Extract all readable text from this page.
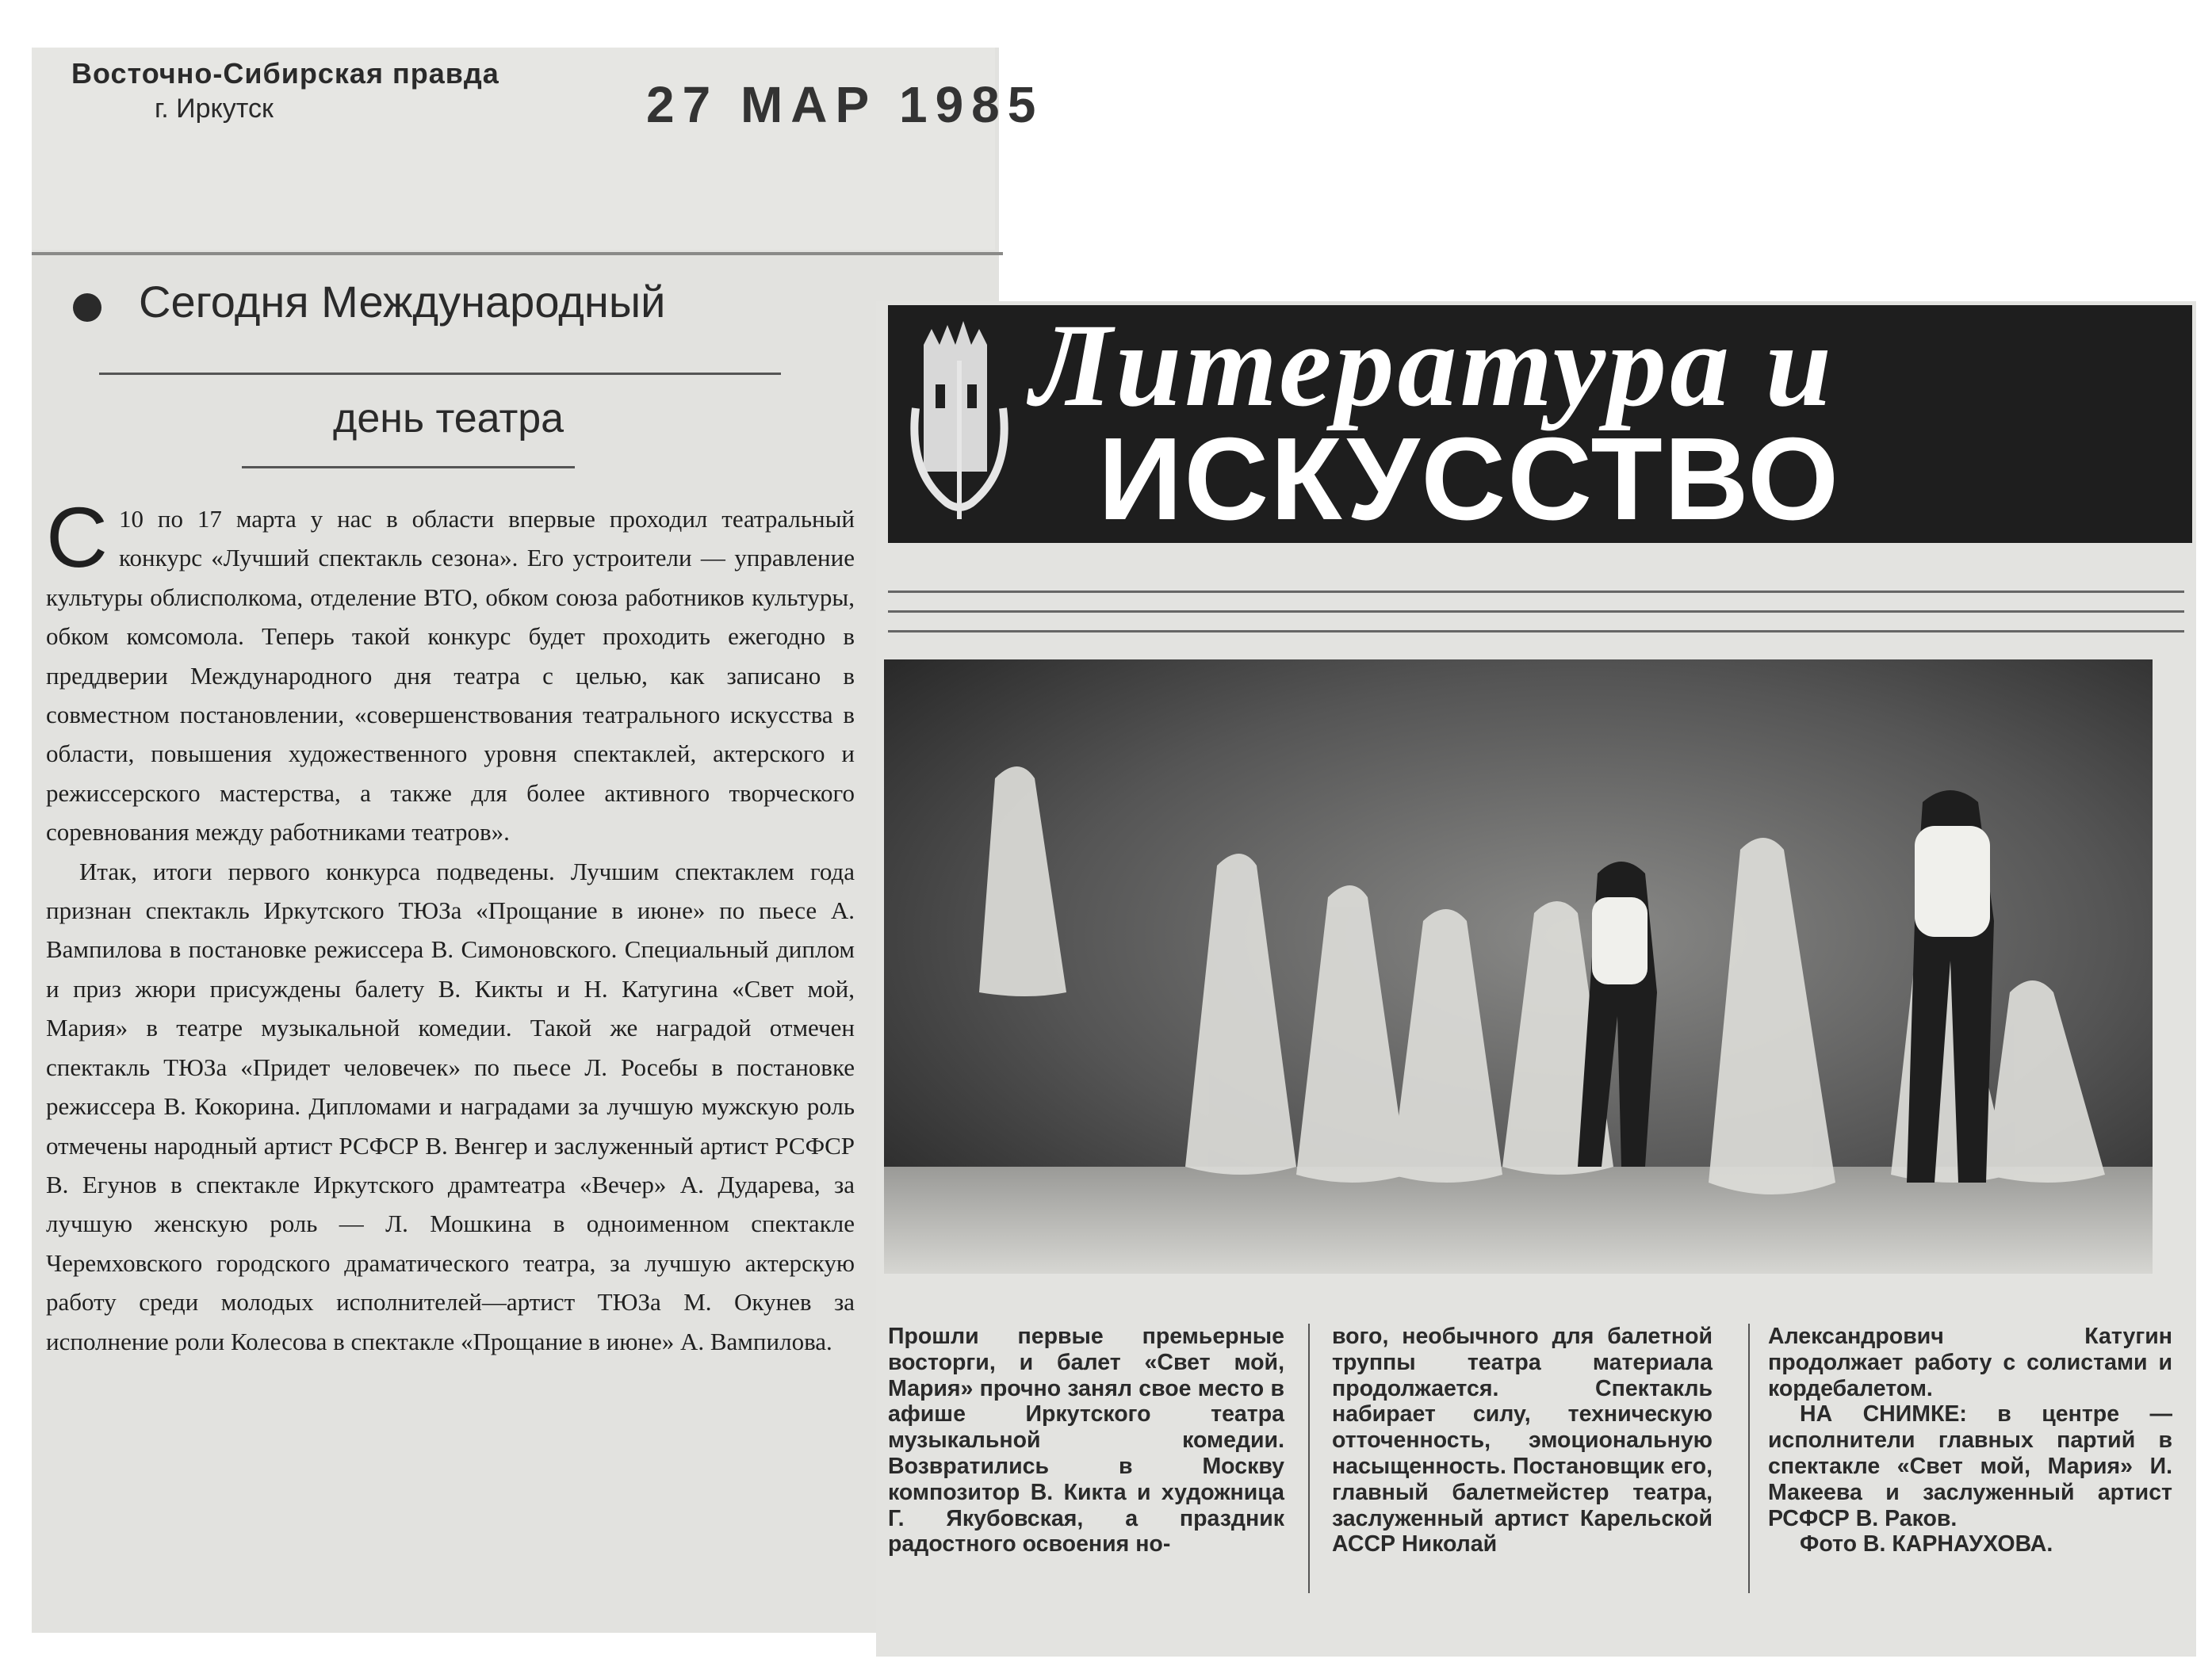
Восточно-Сибирская правда
г. Иркутск	27 МАР 1985
Сегодня Международный
день театра

С 10 по 17 марта у нас в области впервые проходил театральный конкурс «Лучший спектакль сезона». Его устроители — управление культуры облисполкома, отделение ВТО, обком союза работников культуры, обком комсомола. Теперь такой конкурс будет проходить ежегодно в преддверии Международного дня театра с целью, как записано в совместном постановлении, «совершенствования театрального искусства в области, повышения художественного уровня спектаклей, актерского и режиссерского мастерства, а также для более активного творческого соревнования между работниками театров».

Итак, итоги первого конкурса подведены. Лучшим спектаклем года признан спектакль Иркутского ТЮЗа «Прощание в июне» по пьесе А. Вампилова в постановке режиссера В. Симоновского. Специальный диплом и приз жюри присуждены балету В. Кикты и Н. Катугина «Свет мой, Мария» в театре музыкальной комедии. Такой же наградой отмечен спектакль ТЮЗа «Придет человечек» по пьесе Л. Росебы в постановке режиссера В. Кокорина. Дипломами и наградами за лучшую мужскую роль отмечены народный артист РСФСР В. Венгер и заслуженный артист РСФСР В. Егунов в спектакле Иркутского драмтеатра «Вечер» А. Дударева, за лучшую женскую роль — Л. Мошкина в одноименном спектакле Черемховского городского драматического театра, за лучшую актерскую работу среди молодых исполнителей—артист ТЮЗа М. Окунев за исполнение роли Колесова в спектакле «Прощание в июне» А. Вампилова.

Литература и
ИСКУССТВО

Прошли первые премьерные восторги, и балет «Свет мой, Мария» прочно занял свое место в афише Иркутского театра музыкальной комедии. Возвратились в Москву композитор В. Кикта и художница Г. Якубовская, а праздник радостного освоения но-

вого, необычного для балетной труппы театра материала продолжается. Спектакль набирает силу, техническую отточенность, эмоциональную насыщенность. Постановщик его, главный балетмейстер театра, заслуженный артист Карельской АССР Николай

Александрович Катугин продолжает работу с солистами и кордебалетом.

НА СНИМКЕ: в центре — исполнители главных партий в спектакле «Свет мой, Мария» И. Макеева и заслуженный артист РСФСР В. Раков.

Фото В. КАРНАУХОВА.
